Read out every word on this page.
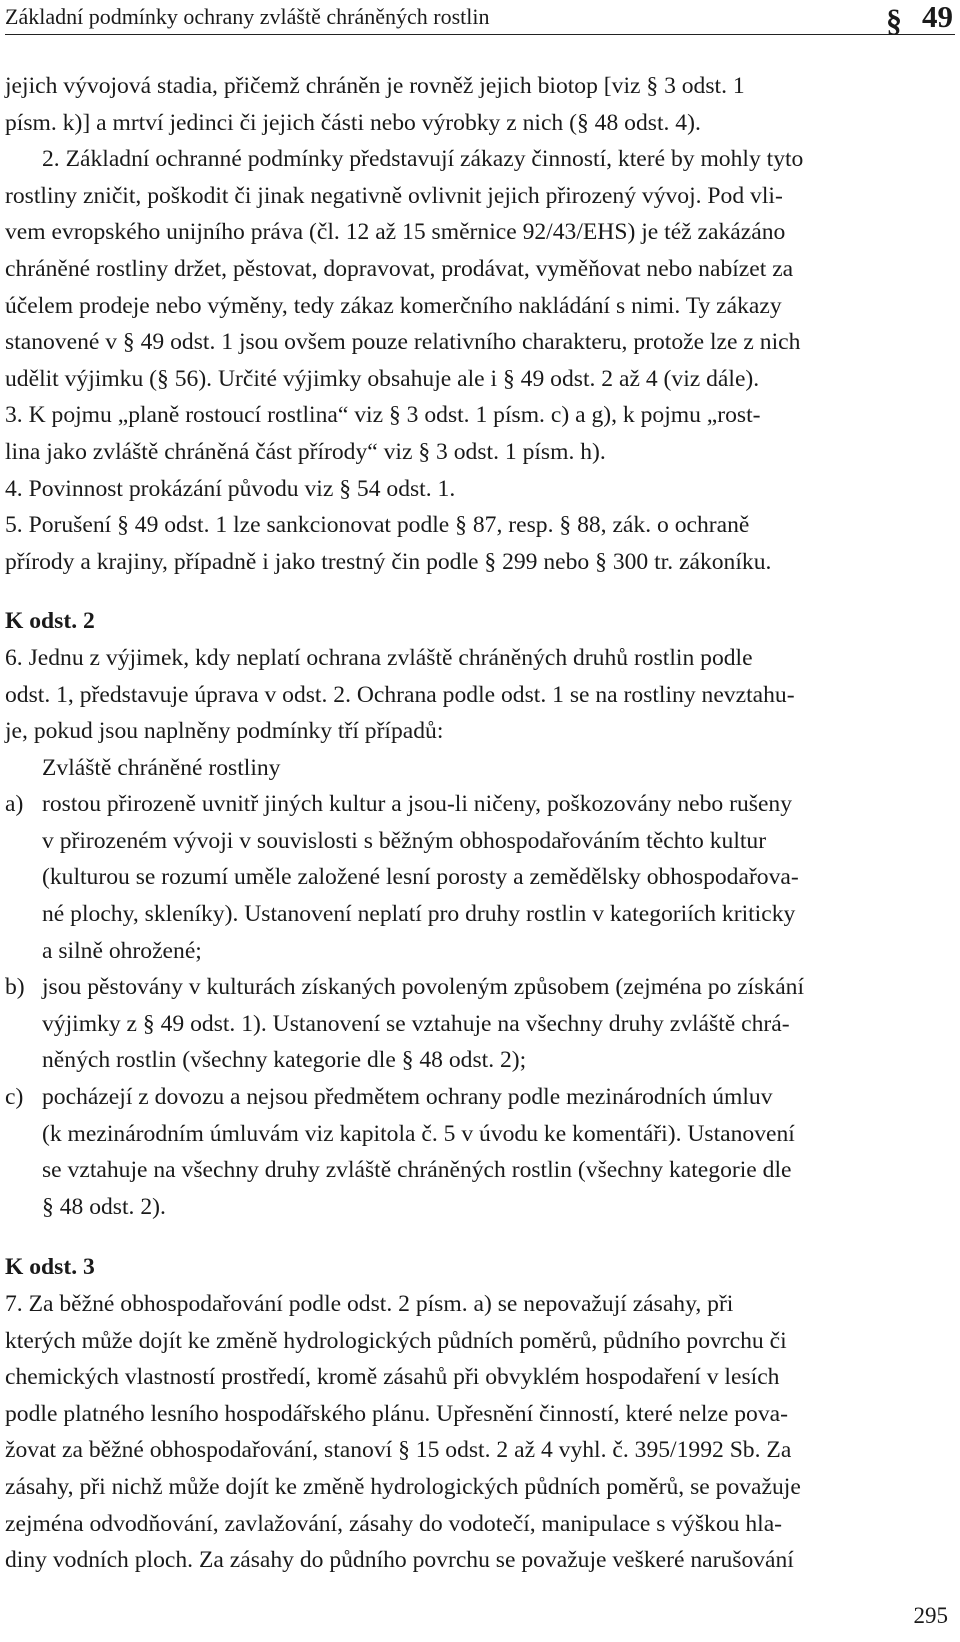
Základní podmínky ochrany zvláště chráněných rostlin	§ 49
jejich vývojová stadia, přičemž chráněn je rovněž jejich biotop [viz § 3 odst. 1
písm. k)] a mrtví jedinci či jejich části nebo výrobky z nich (§ 48 odst. 4).
2. Základní ochranné podmínky představují zákazy činností, které by mohly tyto
rostliny zničit, poškodit či jinak negativně ovlivnit jejich přirozený vývoj. Pod vli-
vem evropského unijního práva (čl. 12 až 15 směrnice 92/43/EHS) je též zakázáno
chráněné rostliny držet, pěstovat, dopravovat, prodávat, vyměňovat nebo nabízet za
účelem prodeje nebo výměny, tedy zákaz komerčního nakládání s nimi. Ty zákazy
stanovené v § 49 odst. 1 jsou ovšem pouze relativního charakteru, protože lze z nich
udělit výjimku (§ 56). Určité výjimky obsahuje ale i § 49 odst. 2 až 4 (viz dále).
3. K pojmu „planě rostoucí rostlina“ viz § 3 odst. 1 písm. c) a g), k pojmu „rost-
lina jako zvláště chráněná část přírody“ viz § 3 odst. 1 písm. h).
4. Povinnost prokázání původu viz § 54 odst. 1.
5. Porušení § 49 odst. 1 lze sankcionovat podle § 87, resp. § 88, zák. o ochraně
přírody a krajiny, případně i jako trestný čin podle § 299 nebo § 300 tr. zákoníku.
K odst. 2
6. Jednu z výjimek, kdy neplatí ochrana zvláště chráněných druhů rostlin podle
odst. 1, představuje úprava v odst. 2. Ochrana podle odst. 1 se na rostliny nevztahu-
je, pokud jsou naplněny podmínky tří případů:
Zvláště chráněné rostliny
a) rostou přirozeně uvnitř jiných kultur a jsou-li ničeny, poškozovány nebo rušeny
v přirozeném vývoji v souvislosti s běžným obhospodařováním těchto kultur
(kulturou se rozumí uměle založené lesní porosty a zemědělsky obhospodařova-
né plochy, skleníky). Ustanovení neplatí pro druhy rostlin v kategoriích kriticky
a silně ohrožené;
b) jsou pěstovány v kulturách získaných povoleným způsobem (zejména po získání
výjimky z § 49 odst. 1). Ustanovení se vztahuje na všechny druhy zvláště chrá-
něných rostlin (všechny kategorie dle § 48 odst. 2);
c) pocházejí z dovozu a nejsou předmětem ochrany podle mezinárodních úmluv
(k mezinárodním úmluvám viz kapitola č. 5 v úvodu ke komentáři). Ustanovení
se vztahuje na všechny druhy zvláště chráněných rostlin (všechny kategorie dle
§ 48 odst. 2).
K odst. 3
7. Za běžné obhospodařování podle odst. 2 písm. a) se nepovažují zásahy, při
kterých může dojít ke změně hydrologických půdních poměrů, půdního povrchu či
chemických vlastností prostředí, kromě zásahů při obvyklém hospodaření v lesích
podle platného lesního hospodářského plánu. Upřesnění činností, které nelze pova-
žovat za běžné obhospodařování, stanoví § 15 odst. 2 až 4 vyhl. č. 395/1992 Sb. Za
zásahy, při nichž může dojít ke změně hydrologických půdních poměrů, se považuje
zejména odvodňování, zavlažování, zásahy do vodotečí, manipulace s výškou hla-
diny vodních ploch. Za zásahy do půdního povrchu se považuje veškeré narušování
295
